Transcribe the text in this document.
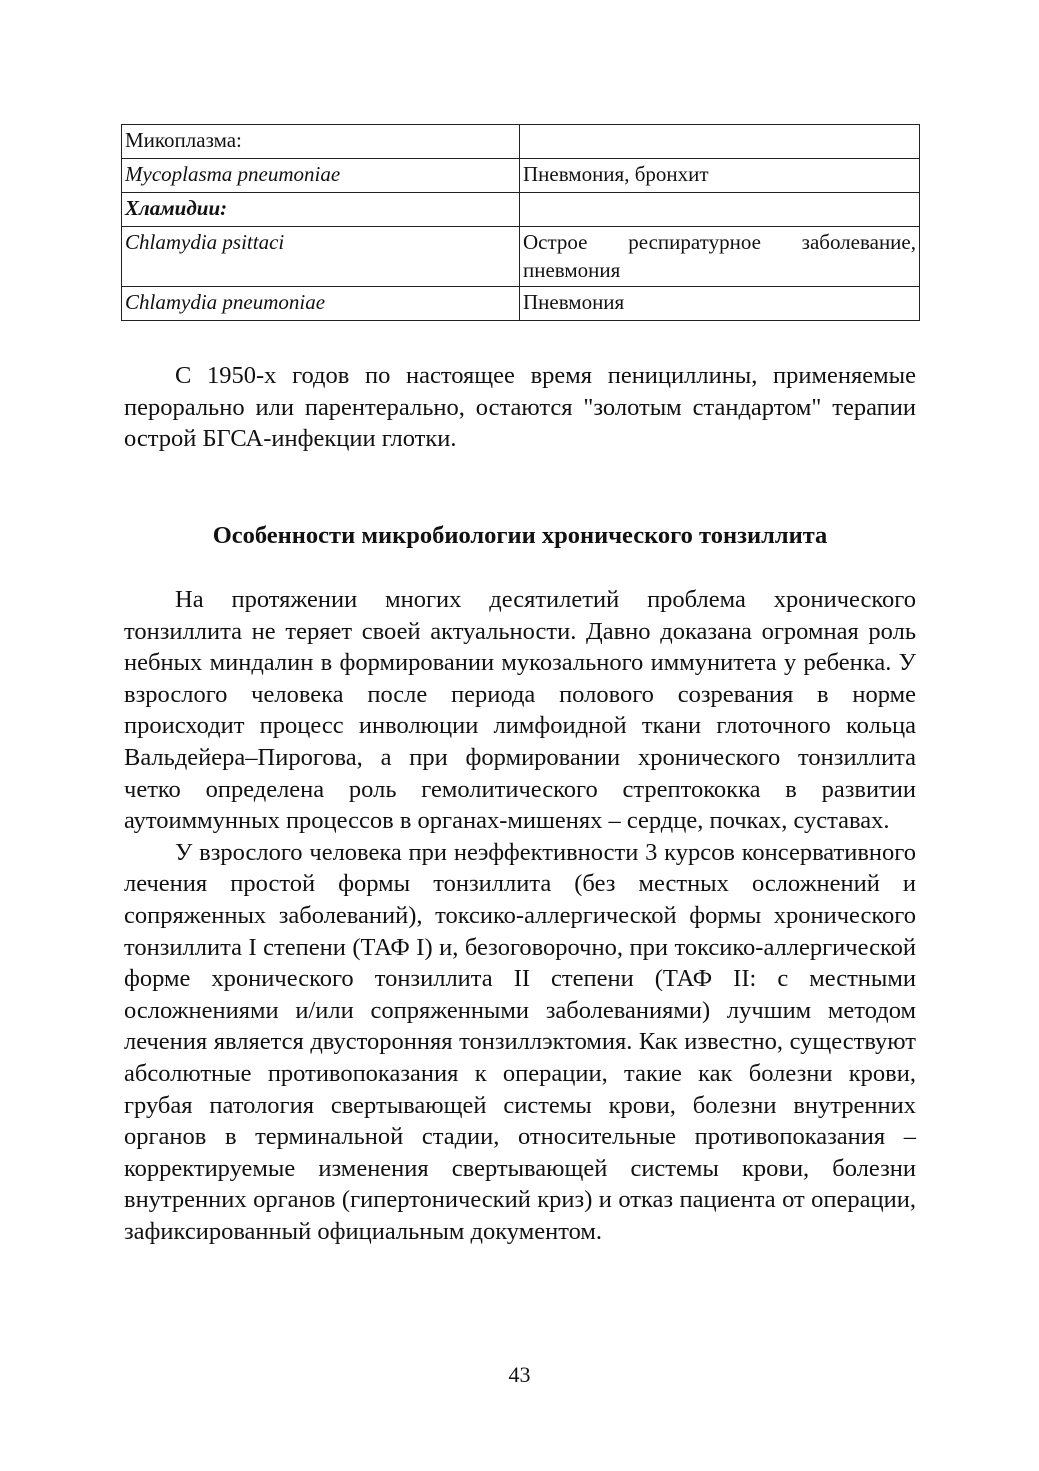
Микоплазма:	
Mycoplasma pneumoniae	Пневмония, бронхит
Хламидии:	
Chlamydia psittaci	Острое респиратурное заболевание, пневмония
Chlamydia pneumoniae	Пневмония

С 1950-х годов по настоящее время пенициллины, применяемые перорально или парентерально, остаются "золотым стандартом" терапии острой БГСА-инфекции глотки.

Особенности микробиологии хронического тонзиллита

На протяжении многих десятилетий проблема хронического тонзиллита не теряет своей актуальности. Давно доказана огромная роль небных миндалин в формировании мукозального иммунитета у ребенка. У взрослого человека после периода полового созревания в норме происходит процесс инволюции лимфоидной ткани глоточного кольца Вальдейера–Пирогова, а при формировании хронического тонзиллита четко определена роль гемолитического стрептококка в развитии аутоиммунных процессов в органах-мишенях – сердце, почках, суставах.

У взрослого человека при неэффективности 3 курсов консервативного лечения простой формы тонзиллита (без местных осложнений и сопряженных заболеваний), токсико-аллергической формы хронического тонзиллита I степени (ТАФ I) и, безоговорочно, при токсико-аллергической форме хронического тонзиллита II степени (ТАФ II: с местными осложнениями и/или сопряженными заболеваниями) лучшим методом лечения является двусторонняя тонзиллэктомия. Как известно, существуют абсолютные противопоказания к операции, такие как болезни крови, грубая патология свертывающей системы крови, болезни внутренних органов в терминальной стадии, относительные противопоказания – корректируемые изменения свертывающей системы крови, болезни внутренних органов (гипертонический криз) и отказ пациента от операции, зафиксированный официальным документом.

43
